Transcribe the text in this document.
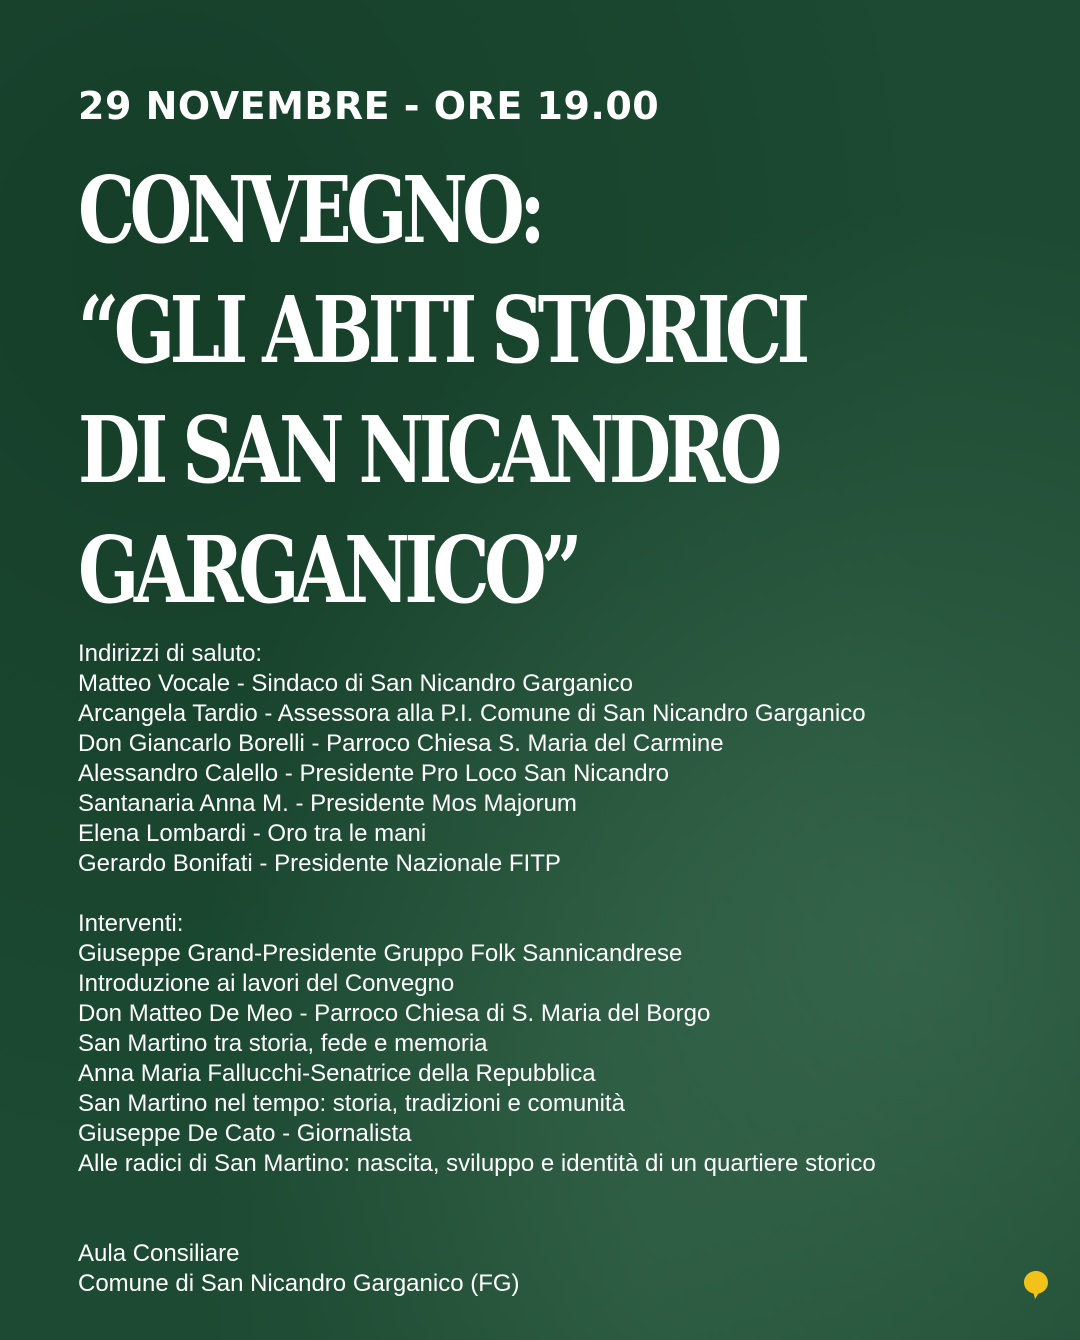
29 NOVEMBRE - ORE 19.00
CONVEGNO:
“GLI ABITI STORICI
DI SAN NICANDRO
GARGANICO”
Indirizzi di saluto:
Matteo Vocale - Sindaco di San Nicandro Garganico
Arcangela Tardio - Assessora alla P.I. Comune di San Nicandro Garganico
Don Giancarlo Borelli - Parroco Chiesa S. Maria del Carmine
Alessandro Calello - Presidente Pro Loco San Nicandro
Santanaria Anna M. - Presidente Mos Majorum
Elena Lombardi - Oro tra le mani
Gerardo Bonifati - Presidente Nazionale FITP
Interventi:
Giuseppe Grand-Presidente Gruppo Folk Sannicandrese
Introduzione ai lavori del Convegno
Don Matteo De Meo - Parroco Chiesa di S. Maria del Borgo
San Martino tra storia, fede e memoria
Anna Maria Fallucchi-Senatrice della Repubblica
San Martino nel tempo: storia, tradizioni e comunità
Giuseppe De Cato - Giornalista
Alle radici di San Martino: nascita, sviluppo e identità di un quartiere storico
Aula Consiliare
Comune di San Nicandro Garganico (FG)
